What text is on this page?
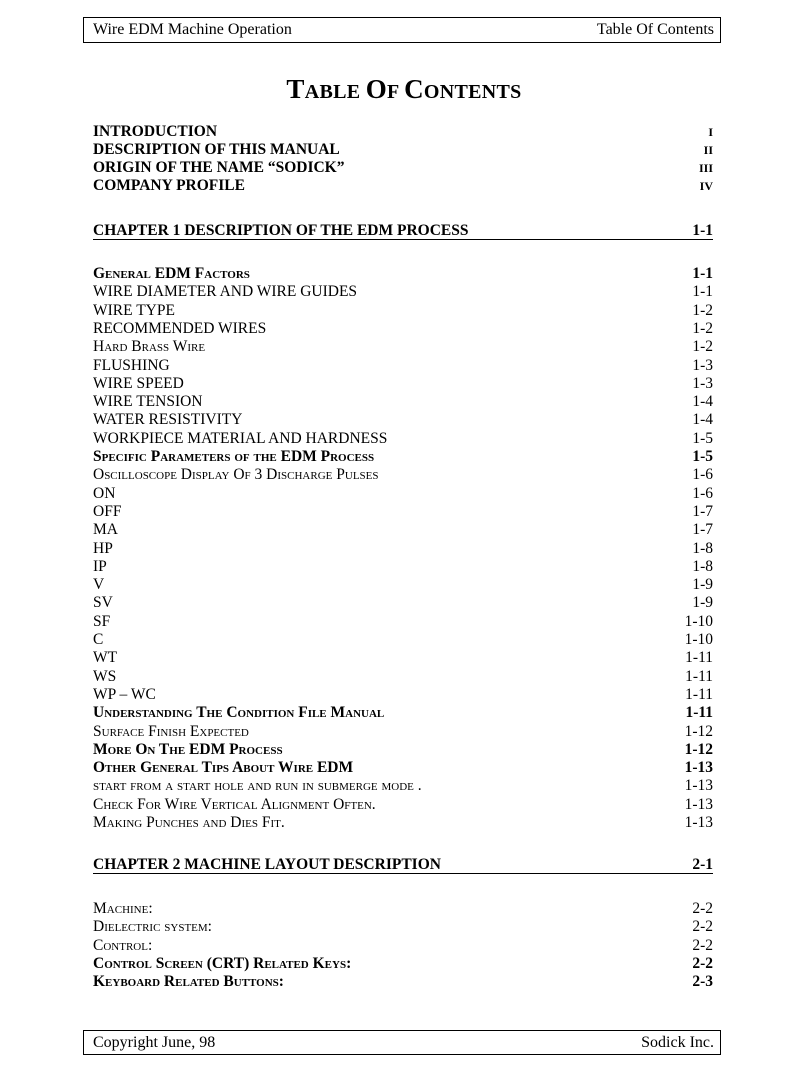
Wire EDM Machine Operation	Table Of Contents
TABLE OF CONTENTS
INTRODUCTION	I
DESCRIPTION OF THIS MANUAL	II
ORIGIN OF THE NAME “SODICK”	III
COMPANY PROFILE	IV
CHAPTER 1 DESCRIPTION OF THE EDM PROCESS	1-1
General EDM Factors	1-1
WIRE DIAMETER AND WIRE GUIDES	1-1
WIRE TYPE	1-2
RECOMMENDED WIRES	1-2
Hard Brass Wire	1-2
FLUSHING	1-3
WIRE SPEED	1-3
WIRE TENSION	1-4
WATER RESISTIVITY	1-4
WORKPIECE MATERIAL AND HARDNESS	1-5
Specific Parameters of the EDM Process	1-5
Oscilloscope Display Of 3 Discharge Pulses	1-6
ON	1-6
OFF	1-7
MA	1-7
HP	1-8
IP	1-8
V	1-9
SV	1-9
SF	1-10
C	1-10
WT	1-11
WS	1-11
WP – WC	1-11
Understanding The Condition File Manual	1-11
Surface Finish Expected	1-12
More On The EDM Process	1-12
Other General Tips About Wire EDM	1-13
start from a start hole and run in submerge mode .	1-13
Check For Wire Vertical Alignment Often.	1-13
Making Punches and Dies Fit.	1-13
CHAPTER 2 MACHINE LAYOUT DESCRIPTION	2-1
Machine:	2-2
Dielectric system:	2-2
Control:	2-2
Control Screen (CRT) Related Keys:	2-2
Keyboard Related Buttons:	2-3
Copyright June, 98	Sodick Inc.
